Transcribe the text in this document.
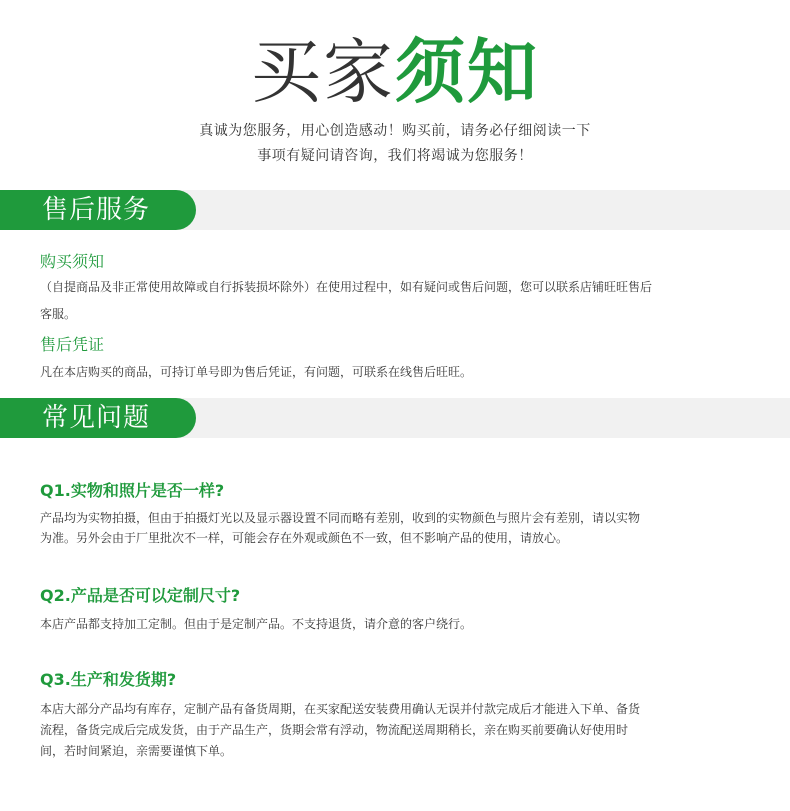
买家须知
真诚为您服务，用心创造感动！购买前，请务必仔细阅读一下
事项有疑问请咨询，我们将竭诚为您服务！
售后服务
购买须知
（自提商品及非正常使用故障或自行拆装损坏除外）在使用过程中，如有疑问或售后问题，您可以联系店铺旺旺售后
客服。
售后凭证
凡在本店购买的商品，可持订单号即为售后凭证，有问题，可联系在线售后旺旺。
常见问题
Q1.实物和照片是否一样?
产品均为实物拍摄，但由于拍摄灯光以及显示器设置不同而略有差别，收到的实物颜色与照片会有差别，请以实物
为准。另外会由于厂里批次不一样，可能会存在外观或颜色不一致，但不影响产品的使用，请放心。
Q2.产品是否可以定制尺寸?
本店产品都支持加工定制。但由于是定制产品。不支持退货，请介意的客户绕行。
Q3.生产和发货期?
本店大部分产品均有库存，定制产品有备货周期，在买家配送安装费用确认无误并付款完成后才能进入下单、备货
流程，备货完成后完成发货，由于产品生产，货期会常有浮动，物流配送周期稍长，亲在购买前要确认好使用时
间，若时间紧迫，亲需要谨慎下单。
